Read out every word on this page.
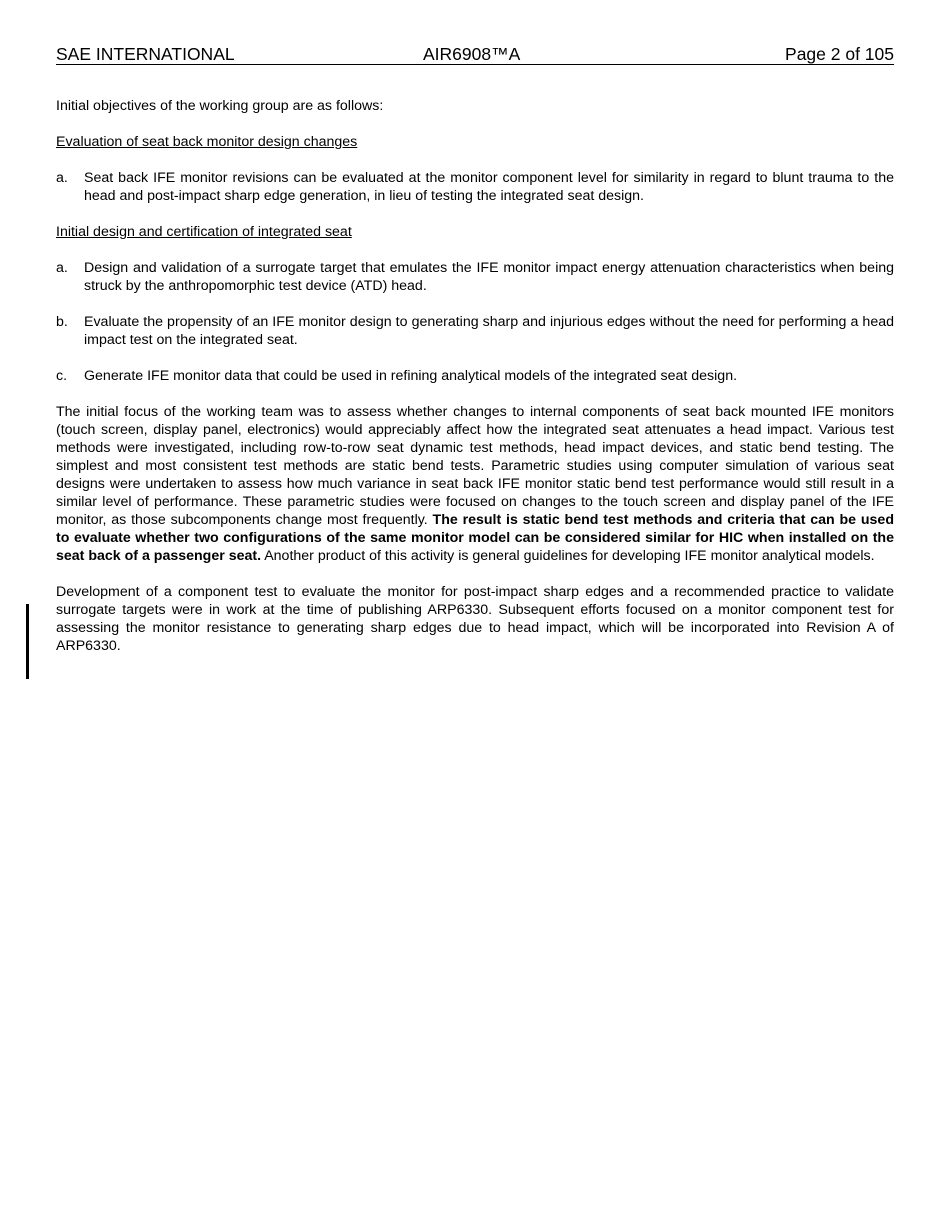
SAE INTERNATIONAL	AIR6908™A	Page 2 of 105

Initial objectives of the working group are as follows:

Evaluation of seat back monitor design changes

a.	Seat back IFE monitor revisions can be evaluated at the monitor component level for similarity in regard to blunt trauma to the head and post-impact sharp edge generation, in lieu of testing the integrated seat design.

Initial design and certification of integrated seat

a.	Design and validation of a surrogate target that emulates the IFE monitor impact energy attenuation characteristics when being struck by the anthropomorphic test device (ATD) head.
b.	Evaluate the propensity of an IFE monitor design to generating sharp and injurious edges without the need for performing a head impact test on the integrated seat.
c.	Generate IFE monitor data that could be used in refining analytical models of the integrated seat design.

The initial focus of the working team was to assess whether changes to internal components of seat back mounted IFE monitors (touch screen, display panel, electronics) would appreciably affect how the integrated seat attenuates a head impact. Various test methods were investigated, including row-to-row seat dynamic test methods, head impact devices, and static bend testing. The simplest and most consistent test methods are static bend tests. Parametric studies using computer simulation of various seat designs were undertaken to assess how much variance in seat back IFE monitor static bend test performance would still result in a similar level of performance. These parametric studies were focused on changes to the touch screen and display panel of the IFE monitor, as those subcomponents change most frequently. The result is static bend test methods and criteria that can be used to evaluate whether two configurations of the same monitor model can be considered similar for HIC when installed on the seat back of a passenger seat. Another product of this activity is general guidelines for developing IFE monitor analytical models.

Development of a component test to evaluate the monitor for post-impact sharp edges and a recommended practice to validate surrogate targets were in work at the time of publishing ARP6330. Subsequent efforts focused on a monitor component test for assessing the monitor resistance to generating sharp edges due to head impact, which will be incorporated into Revision A of ARP6330.
